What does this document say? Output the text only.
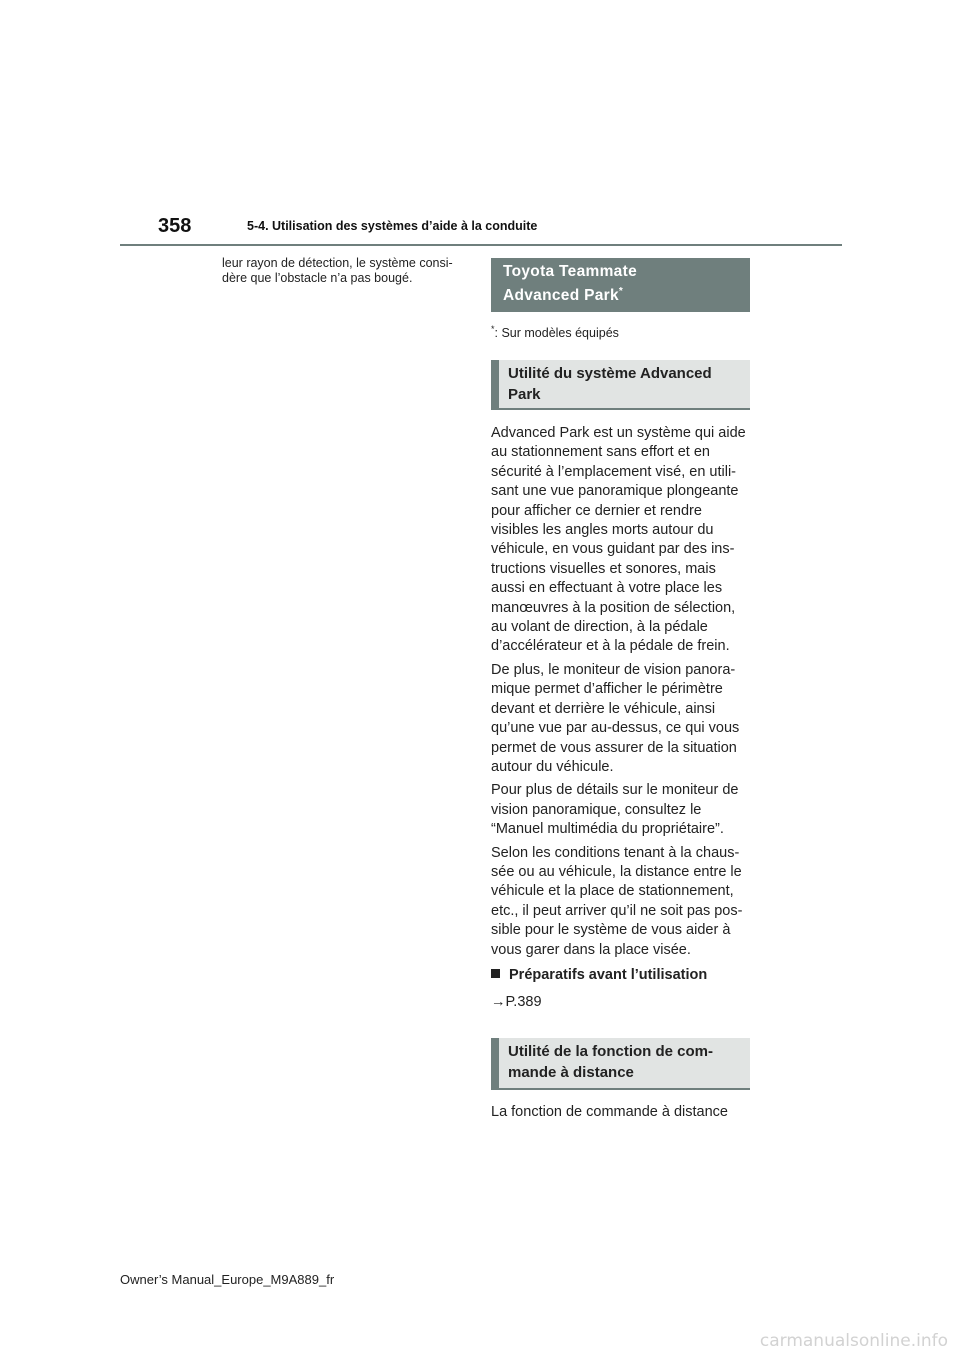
358	5-4. Utilisation des systèmes d’aide à la conduite

leur rayon de détection, le système consi-

dère que l’obstacle n’a pas bougé.	Toyota Teammate
Advanced Park*
*: Sur modèles équipés
Utilité du système Advanced Park

Advanced Park est un système qui aide au stationnement sans effort et en sécurité à l’emplacement visé, en utili-sant une vue panoramique plongeante pour afficher ce dernier et rendre visibles les angles morts autour du véhicule, en vous guidant par des ins-tructions visuelles et sonores, mais aussi en effectuant à votre place les manœuvres à la position de sélection, au volant de direction, à la pédale d’accélérateur et à la pédale de frein.

De plus, le moniteur de vision panora-mique permet d’afficher le périmètre devant et derrière le véhicule, ainsi qu’une vue par au-dessus, ce qui vous permet de vous assurer de la situation autour du véhicule.

Pour plus de détails sur le moniteur de vision panoramique, consultez le “Manuel multimédia du propriétaire”.

Selon les conditions tenant à la chaus-sée ou au véhicule, la distance entre le véhicule et la place de stationnement, etc., il peut arriver qu’il ne soit pas pos-sible pour le système de vous aider à vous garer dans la place visée.

Préparatifs avant l’utilisation
→P.389
Utilité de la fonction de com-mande à distance

La fonction de commande à distance

Owner’s Manual_Europe_M9A889_fr
carmanualsonline.info
